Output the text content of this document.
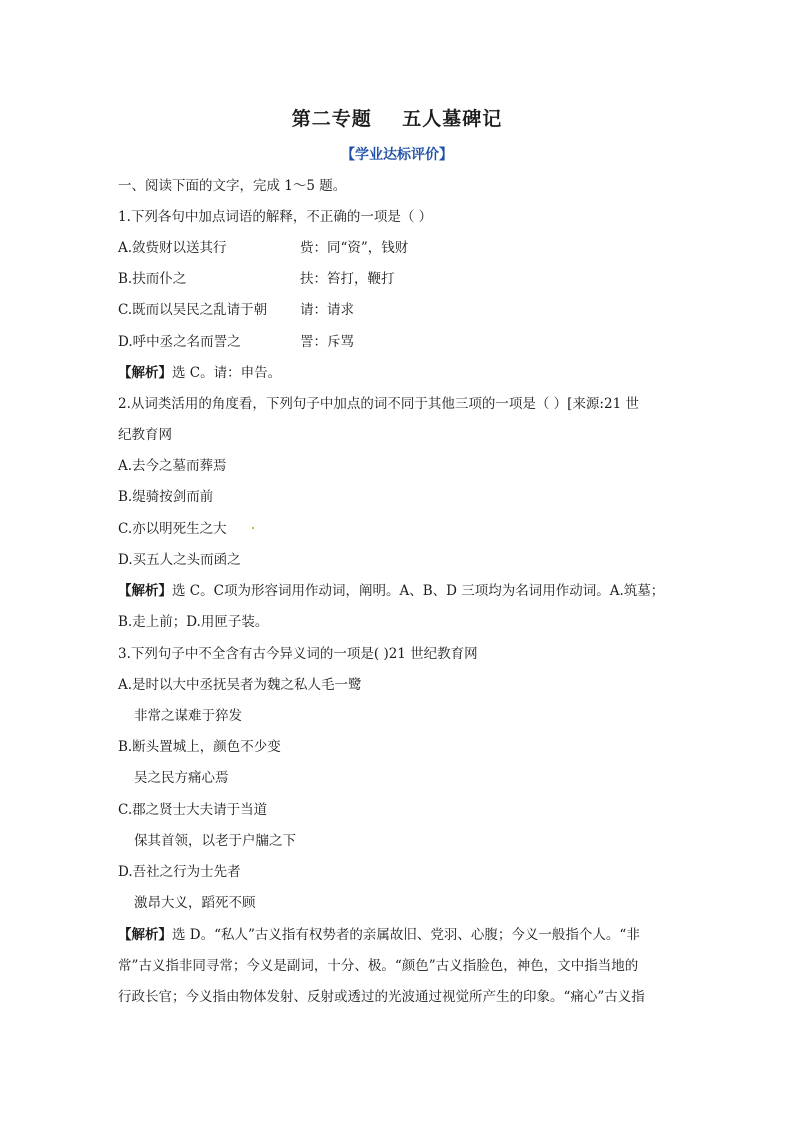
第二专题    五人墓碑记
【学业达标评价】
一、阅读下面的文字，完成 1～5 题。
1.下列各句中加点词语的解释，不正确的一项是（ ）
A.敛赀财以送其行	赀：同“资”，钱财
B.扶而仆之	扶：笞打，鞭打
C.既而以吴民之乱请于朝 请：请求
D.呼中丞之名而詈之	詈：斥骂
【解析】选 C。请：申告。
2.从词类活用的角度看，下列句子中加点的词不同于其他三项的一项是（ ）[来源:21 世
纪教育网
A.去今之墓而葬焉
B.缇骑按剑而前
C.亦以明死生之大
D.买五人之头而函之
【解析】选 C。C项为形容词用作动词，阐明。A、B、D 三项均为名词用作动词。A.筑墓；
B.走上前；D.用匣子装。
3.下列句子中不全含有古今异义词的一项是( )21 世纪教育网
A.是时以大中丞抚吴者为魏之私人毛一鹭
非常之谋难于猝发
B.断头置城上，颜色不少变
吴之民方痛心焉
C.郡之贤士大夫请于当道
保其首领，以老于户牖之下
D.吾社之行为士先者
激昂大义，蹈死不顾
【解析】选 D。“私人”古义指有权势者的亲属故旧、党羽、心腹；今义一般指个人。“非
常”古义指非同寻常；今义是副词，十分、极。“颜色”古义指脸色，神色，文中指当地的
行政长官；今义指由物体发射、反射或透过的光波通过视觉所产生的印象。“痛心”古义指
